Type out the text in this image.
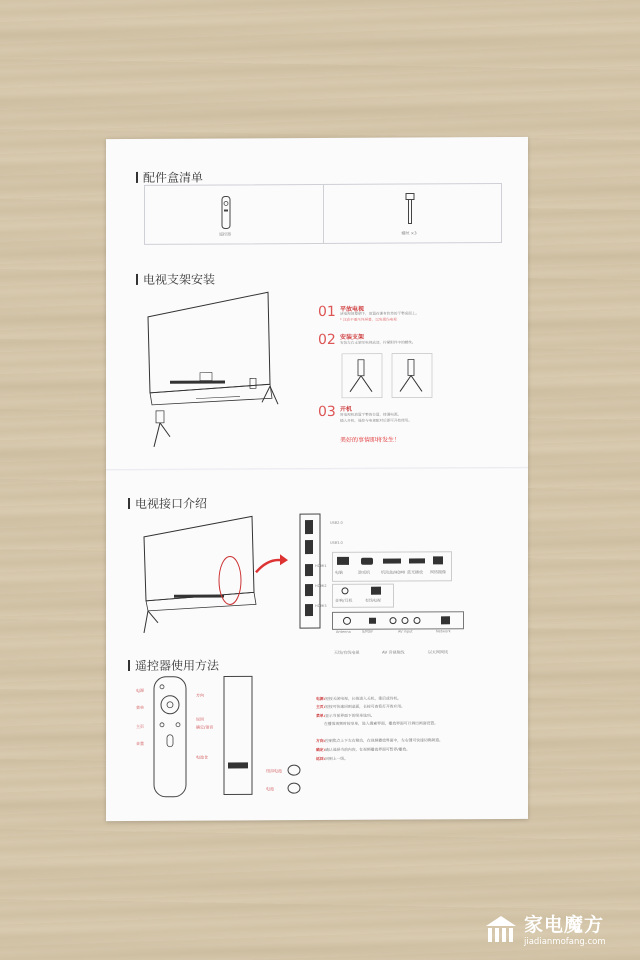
配件盒清单
遥控器	螺丝 ×3
电视支架安装
01 平放电视
请电视屏幕朝下，放置在铺有软垫的平整桌面上。
* 注意不要压坏屏幕，以免损伤电视
02 安装支架
安装左右支架至电视底部，拧紧附件中的螺丝。
03 开机
将电视机放置平整的位置，接通电源。
插入开机，遥控与电视配对后即可开始使用。
美好的事情即将发生！
电视接口介绍
USB2.0
USB3.0
HDMI1
HDMI2
HDMI3
电脑	游戏机	机顶盒/HDMI 蓝光播放 网络摄像
音响/耳机	有线电视
Antenna	S/PDIF	AV input	Network
天线/有线电视	AV 音视频线	以太网网线
遥控器使用方法
电源
菜单
主页
音量
方向
返回
确定/语音
电池仓
纽扣电池
电池
电源:短按关闭电视，长按进入关机，重启或待机。
主页:短按可快速回到桌面，长按可查看打开的应用。
菜单:显示当前界面下的菜单选项。
在播放视频时按菜单，进入搜索界面，播放界面可以调出画面设置。
方向:控制焦点上下左右移动，在视频播放界面中，左右键可快速切换频道。
确定:确认选择当前内容，在视频播放界面可暂停/播放。
返回:回到上一级。
家电魔方
jiadianmofang.com
